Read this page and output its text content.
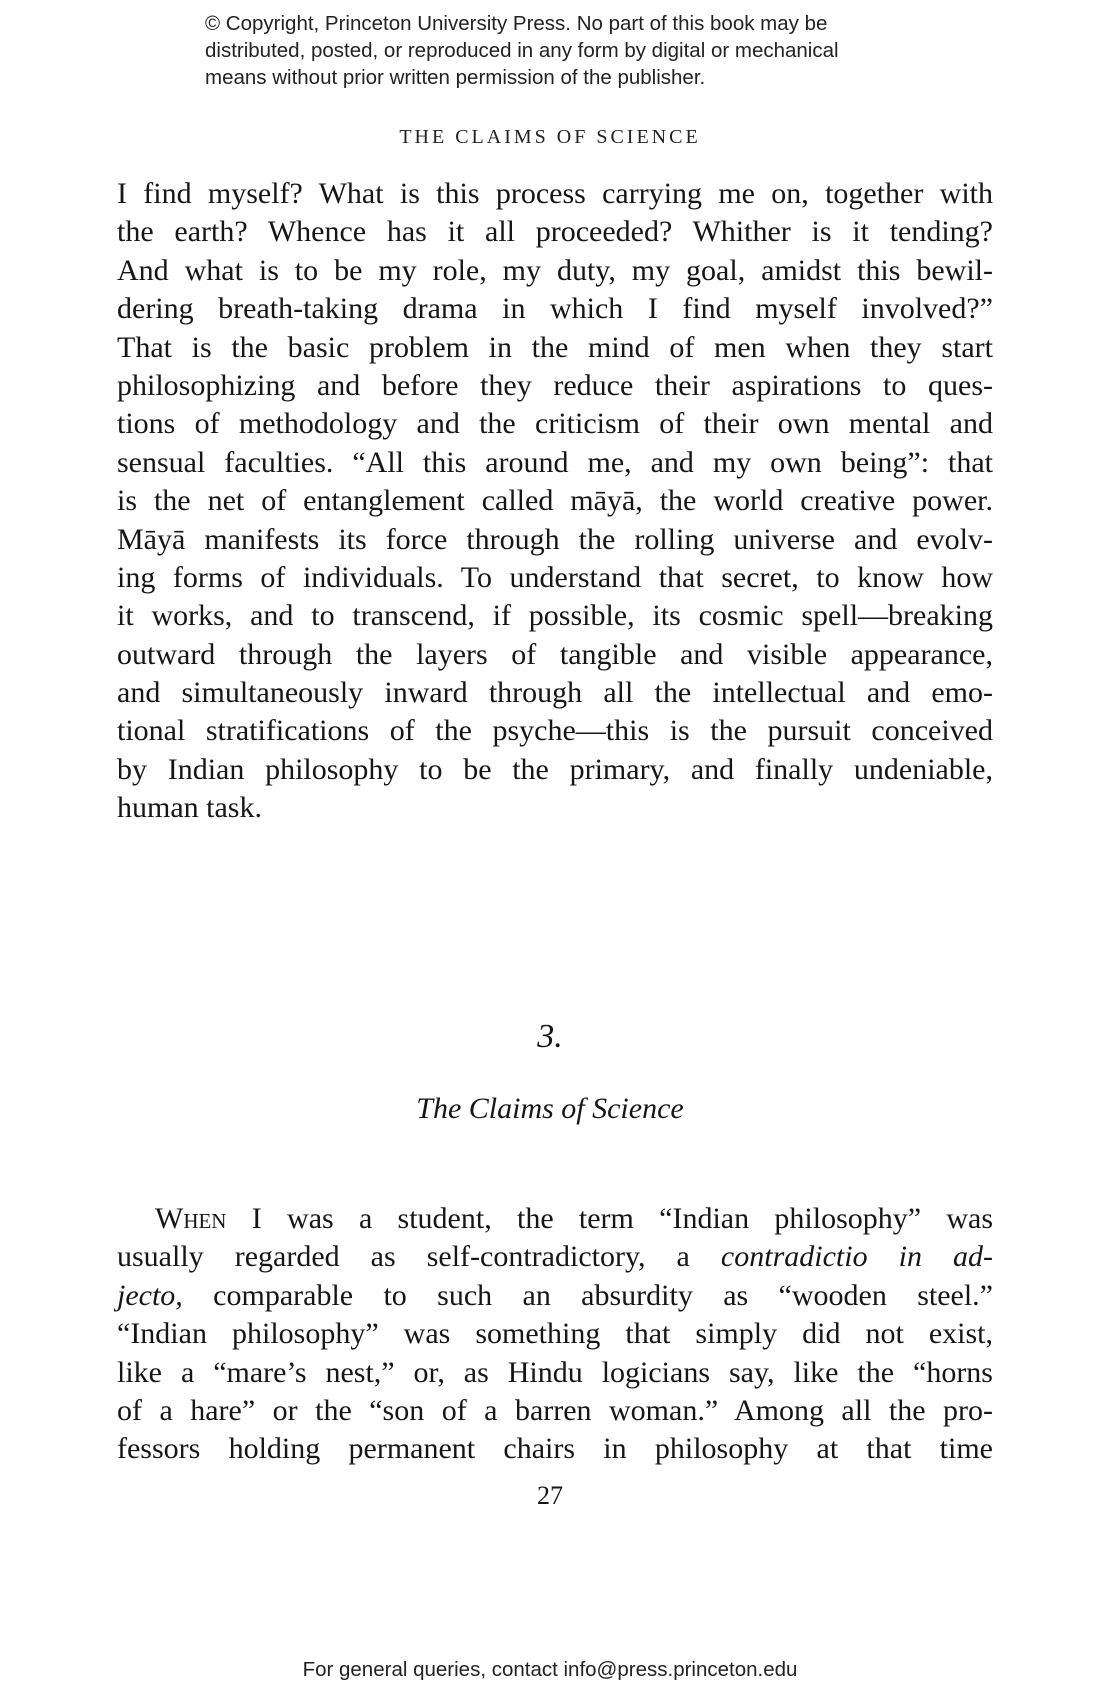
© Copyright, Princeton University Press. No part of this book may be
distributed, posted, or reproduced in any form by digital or mechanical
means without prior written permission of the publisher.
THE CLAIMS OF SCIENCE
I find myself? What is this process carrying me on, together with
the earth? Whence has it all proceeded? Whither is it tending?
And what is to be my role, my duty, my goal, amidst this bewil-
dering breath-taking drama in which I find myself involved?”
That is the basic problem in the mind of men when they start
philosophizing and before they reduce their aspirations to ques-
tions of methodology and the criticism of their own mental and
sensual faculties. “All this around me, and my own being”: that
is the net of entanglement called māyā, the world creative power.
Māyā manifests its force through the rolling universe and evolv-
ing forms of individuals. To understand that secret, to know how
it works, and to transcend, if possible, its cosmic spell—breaking
outward through the layers of tangible and visible appearance,
and simultaneously inward through all the intellectual and emo-
tional stratifications of the psyche—this is the pursuit conceived
by Indian philosophy to be the primary, and finally undeniable,
human task.
3.
The Claims of Science
When I was a student, the term “Indian philosophy” was
usually regarded as self-contradictory, a contradictio in ad-
jecto, comparable to such an absurdity as “wooden steel.”
“Indian philosophy” was something that simply did not exist,
like a “mare’s nest,” or, as Hindu logicians say, like the “horns
of a hare” or the “son of a barren woman.” Among all the pro-
fessors holding permanent chairs in philosophy at that time
27
For general queries, contact info@press.princeton.edu
